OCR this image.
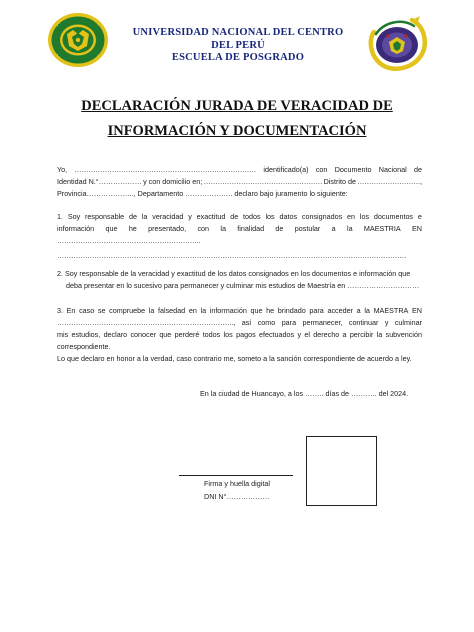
UNIVERSIDAD NACIONAL DEL CENTRO
DEL PERÚ
ESCUELA DE POSGRADO
DECLARACIÓN JURADA DE VERACIDAD DE
INFORMACIÓN Y DOCUMENTACIÓN
Yo, …………………………………………………………………… identificado(a) con Documento Nacional de
Identidad N.°……………… y con domicilio en; …………………………………………… Distrito de ………………………,
Provincia……………….., Departamento ……………….. declaro bajo juramento lo siguiente:
1. Soy responsable de la veracidad y exactitud de todos los datos consignados en los documentos e
información que he presentado, con la finalidad de postular a la MAESTRIA EN
……………………………………………………..
……………………………………………………………………………………………………………………………………
2. Soy responsable de la veracidad y exactitud de los datos consignados en los documentos e información que
deba presentar en lo sucesivo para permanecer y culminar mis estudios de Maestría en …………………………
3. En caso se compruebe la falsedad en la información que he brindado para acceder a la MAESTRA EN
…………………………………………………………………., así como para permanecer, continuar y culminar
mis estudios, declaro conocer que perderé todos los pagos efectuados y el derecho a percibir la subvención
correspondiente.
Lo que declaro en honor a la verdad, caso contrario me, someto a la sanción correspondiente de acuerdo a ley.
En la ciudad de Huancayo, a los …….. días de ……….. del 2024.
Firma y huella digital
DNI N°………………
